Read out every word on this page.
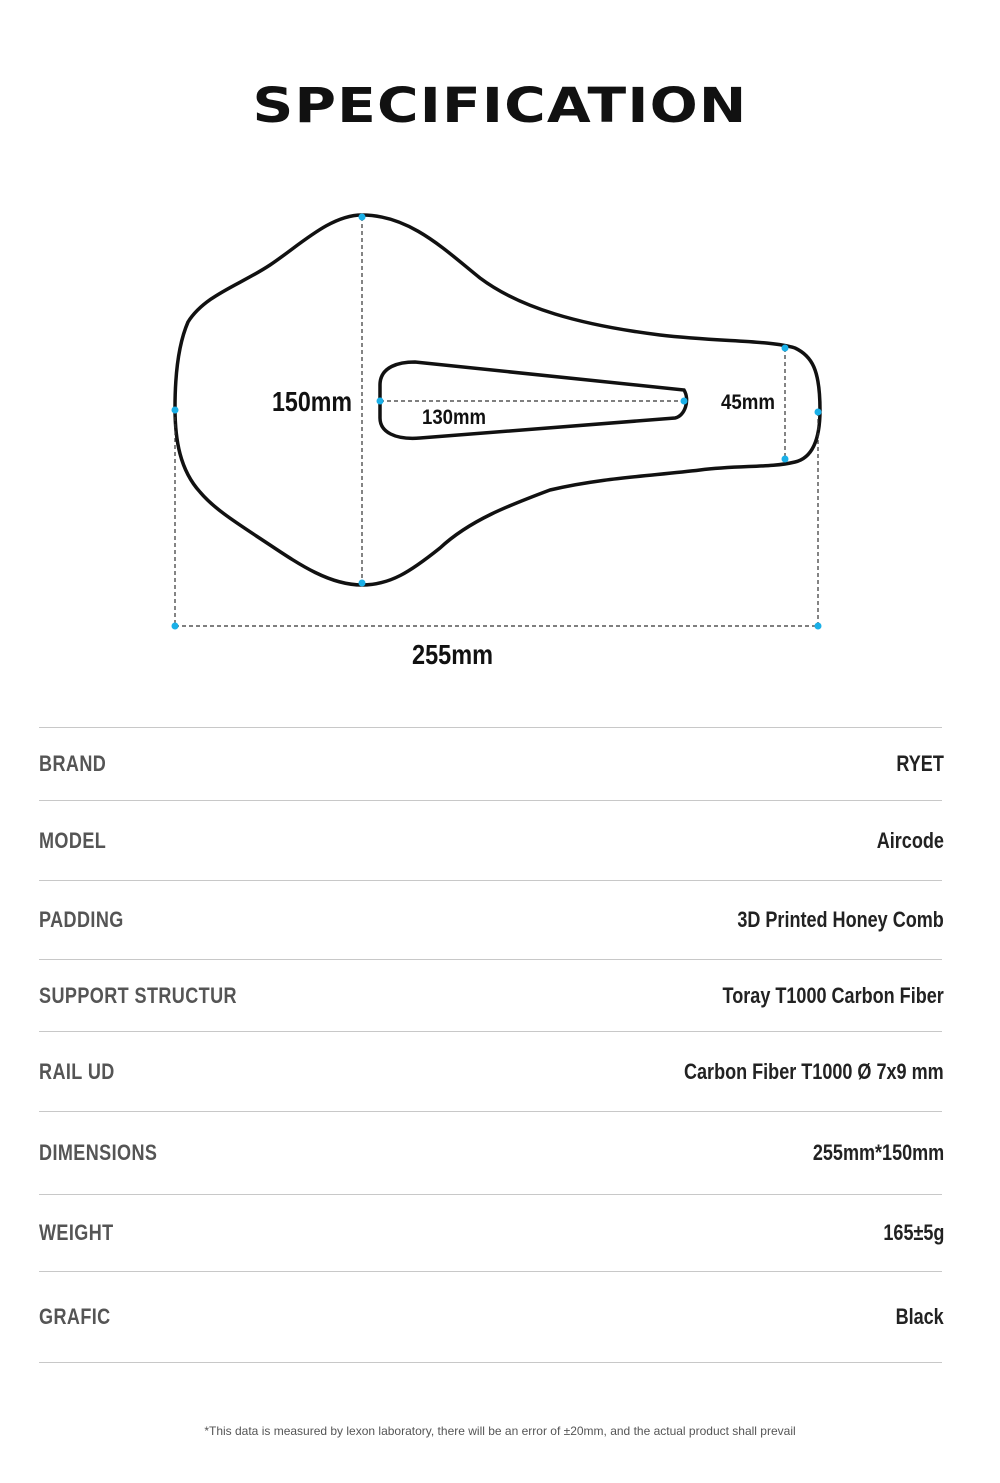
SPECIFICATION
150mm
130mm
45mm
255mm
BRAND	RYET
MODEL	Aircode
PADDING	3D Printed Honey Comb
SUPPORT STRUCTUR	Toray T1000 Carbon Fiber
RAIL UD	Carbon Fiber T1000 Ø 7x9 mm
DIMENSIONS	255mm*150mm
WEIGHT	165±5g
GRAFIC	Black
*This data is measured by lexon laboratory, there will be an error of ±20mm, and the actual product shall prevail
